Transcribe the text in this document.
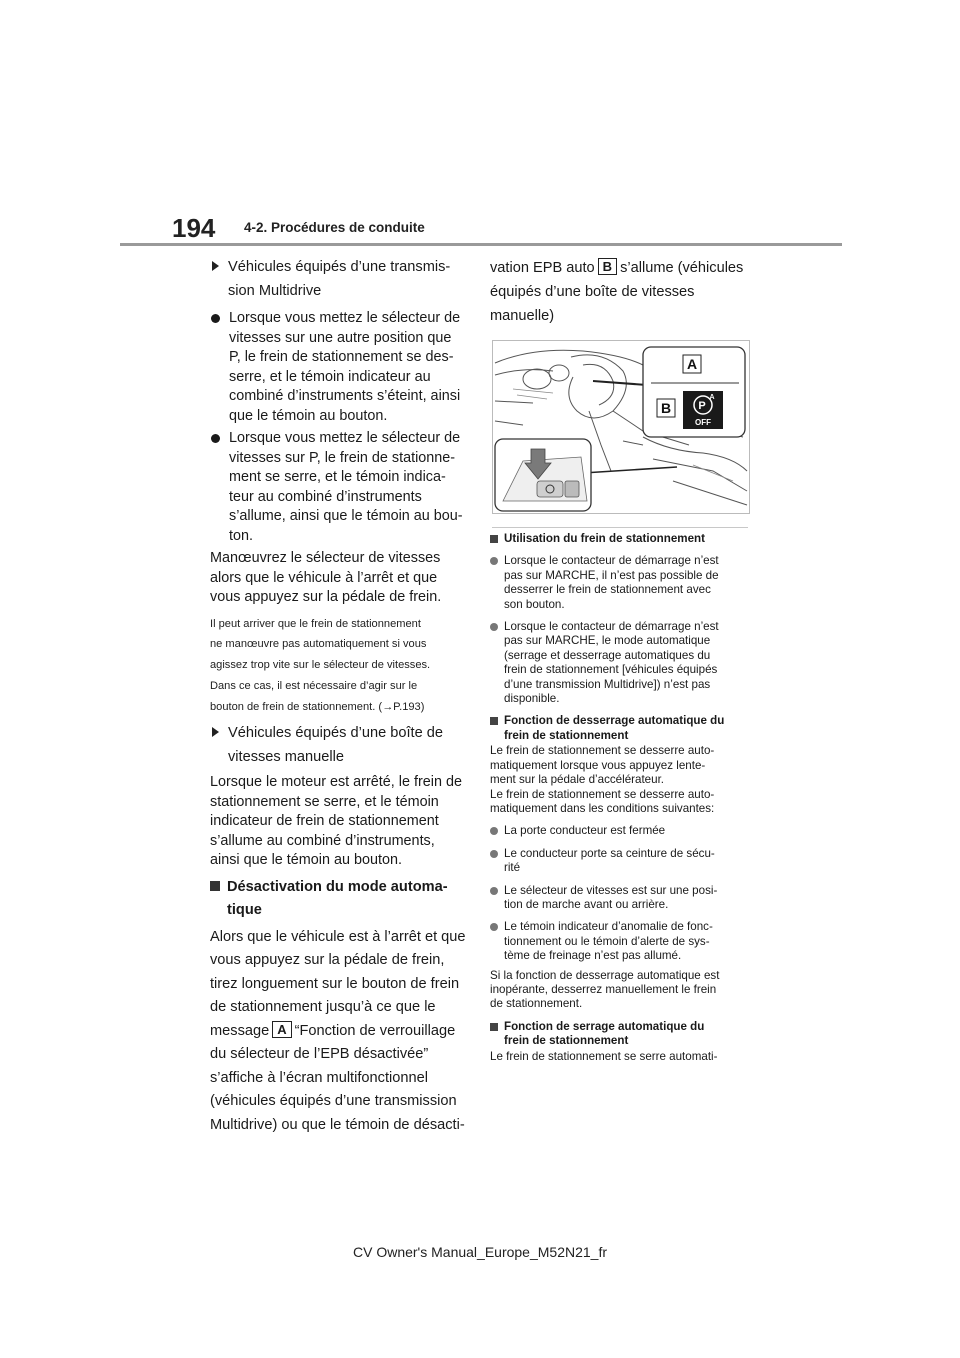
194 4-2. Procédures de conduite
Véhicules équipés d’une transmis-
sion Multidrive
Lorsque vous mettez le sélecteur de
vitesses sur une autre position que
P, le frein de stationnement se des-
serre, et le témoin indicateur au
combiné d’instruments s’éteint, ainsi
que le témoin au bouton.
Lorsque vous mettez le sélecteur de
vitesses sur P, le frein de stationne-
ment se serre, et le témoin indica-
teur au combiné d’instruments
s’allume, ainsi que le témoin au bou-
ton.
Manœuvrez le sélecteur de vitesses
alors que le véhicule à l’arrêt et que
vous appuyez sur la pédale de frein.
Il peut arriver que le frein de stationnement
ne manœuvre pas automatiquement si vous
agissez trop vite sur le sélecteur de vitesses.
Dans ce cas, il est nécessaire d’agir sur le
bouton de frein de stationnement. (→P.193)
Véhicules équipés d’une boîte de
vitesses manuelle
Lorsque le moteur est arrêté, le frein de
stationnement se serre, et le témoin
indicateur de frein de stationnement
s’allume au combiné d’instruments,
ainsi que le témoin au bouton.
Désactivation du mode automa-
tique
Alors que le véhicule est à l’arrêt et que
vous appuyez sur la pédale de frein,
tirez longuement sur le bouton de frein
de stationnement jusqu’à ce que le
message A “Fonction de verrouillage
du sélecteur de l’EPB désactivée”
s’affiche à l’écran multifonctionnel
(véhicules équipés d’une transmission
Multidrive) ou que le témoin de désacti-
vation EPB auto B s’allume (véhicules
équipés d’une boîte de vitesses
manuelle)
A
B P
A
OFF
Utilisation du frein de stationnement
Lorsque le contacteur de démarrage n’est
pas sur MARCHE, il n’est pas possible de
desserrer le frein de stationnement avec
son bouton.
Lorsque le contacteur de démarrage n’est
pas sur MARCHE, le mode automatique
(serrage et desserrage automatiques du
frein de stationnement [véhicules équipés
d’une transmission Multidrive]) n’est pas
disponible.
Fonction de desserrage automatique du
frein de stationnement
Le frein de stationnement se desserre auto-
matiquement lorsque vous appuyez lente-
ment sur la pédale d’accélérateur.
Le frein de stationnement se desserre auto-
matiquement dans les conditions suivantes:
La porte conducteur est fermée
Le conducteur porte sa ceinture de sécu-
rité
Le sélecteur de vitesses est sur une posi-
tion de marche avant ou arrière.
Le témoin indicateur d’anomalie de fonc-
tionnement ou le témoin d’alerte de sys-
tème de freinage n’est pas allumé.
Si la fonction de desserrage automatique est
inopérante, desserrez manuellement le frein
de stationnement.
Fonction de serrage automatique du
frein de stationnement
Le frein de stationnement se serre automati-
CV Owner's Manual_Europe_M52N21_fr
